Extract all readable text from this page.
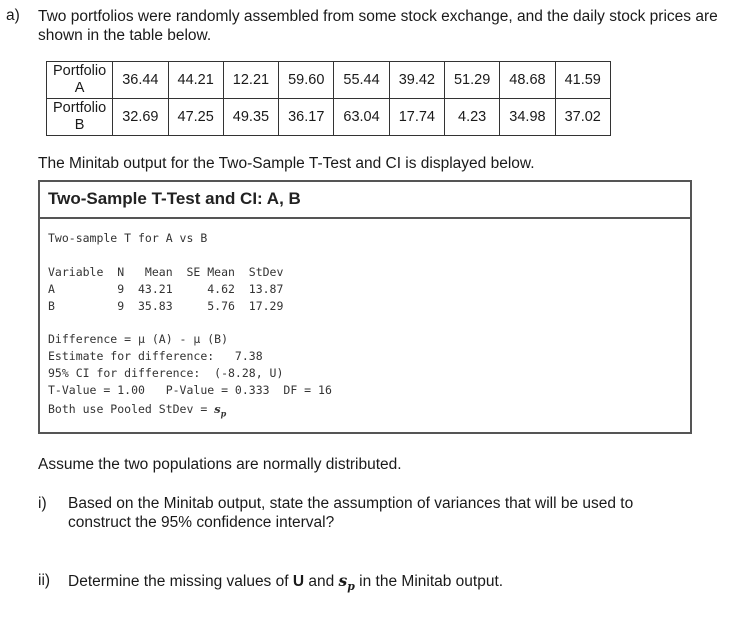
a) Two portfolios were randomly assembled from some stock exchange, and the daily stock prices are shown in the table below.
Portfolio
A	36.44	44.21	12.21	59.60	55.44	39.42	51.29	48.68	41.59
Portfolio
B	32.69	47.25	49.35	36.17	63.04	17.74	4.23	34.98	37.02
The Minitab output for the Two-Sample T-Test and CI is displayed below.
Two-Sample T-Test and CI: A, B
Two-sample T for A vs B
Variable  N   Mean  SE Mean  StDev
A         9  43.21     4.62  13.87
B         9  35.83     5.76  17.29
Difference = μ (A) - μ (B)
Estimate for difference:   7.38
95% CI for difference:  (-8.28, U)
T-Value = 1.00   P-Value = 0.333  DF = 16
Both use Pooled StDev = $s_p$
Assume the two populations are normally distributed.
i) Based on the Minitab output, state the assumption of variances that will be used to
construct the 95% confidence interval?
ii) Determine the missing values of U and $s_p$ in the Minitab output.
